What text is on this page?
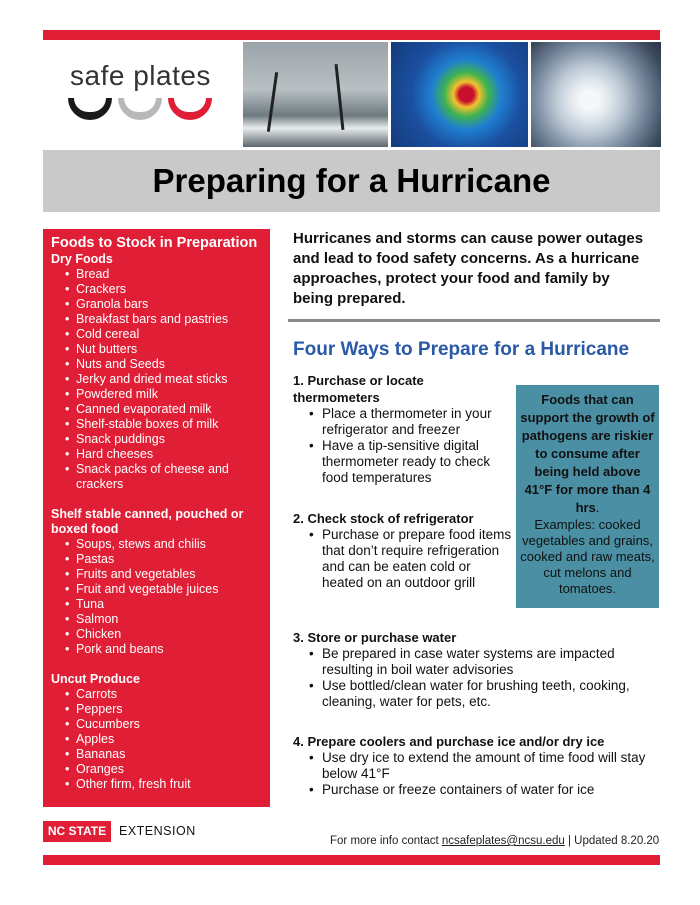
safe plates
Preparing for a Hurricane
Foods to Stock in Preparation
Dry Foods
• Bread
• Crackers
• Granola bars
• Breakfast bars and pastries
• Cold cereal
• Nut butters
• Nuts and Seeds
• Jerky and dried meat sticks
• Powdered milk
• Canned evaporated milk
• Shelf-stable boxes of milk
• Snack puddings
• Hard cheeses
• Snack packs of cheese and crackers
Shelf stable canned, pouched or boxed food
• Soups, stews and chilis
• Pastas
• Fruits and vegetables
• Fruit and vegetable juices
• Tuna
• Salmon
• Chicken
• Pork and beans
Uncut Produce
• Carrots
• Peppers
• Cucumbers
• Apples
• Bananas
• Oranges
• Other firm, fresh fruit

Hurricanes and storms can cause power outages and lead to food safety concerns. As a hurricane approaches, protect your food and family by being prepared.

Four Ways to Prepare for a Hurricane
1. Purchase or locate thermometers
• Place a thermometer in your refrigerator and freezer
• Have a tip-sensitive digital thermometer ready to check food temperatures
2. Check stock of refrigerator
• Purchase or prepare food items that don’t require refrigeration and can be eaten cold or heated on an outdoor grill
3. Store or purchase water
• Be prepared in case water systems are impacted resulting in boil water advisories
• Use bottled/clean water for brushing teeth, cooking, cleaning, water for pets, etc.
4. Prepare coolers and purchase ice and/or dry ice
• Use dry ice to extend the amount of time food will stay below 41°F
• Purchase or freeze containers of water for ice
Foods that can support the growth of pathogens are riskier to consume after being held above 41°F for more than 4 hrs.
Examples: cooked vegetables and grains, cooked and raw meats, cut melons and tomatoes.
NC STATE	EXTENSION
For more info contact ncsafeplates@ncsu.edu | Updated 8.20.20
